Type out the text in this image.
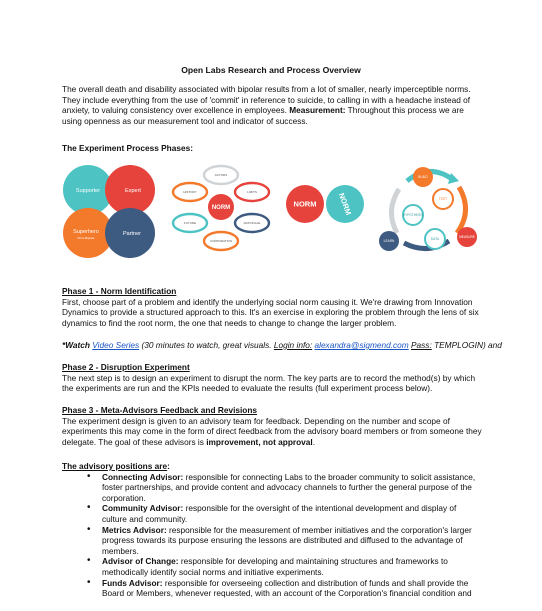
Open Labs Research and Process Overview

The overall death and disability associated with bipolar results from a lot of smaller, nearly imperceptible norms. They include everything from the use of 'commit' in reference to suicide, to calling in with a headache instead of anxiety, to valuing consistency over excellence in employees. Measurement: Throughout this process we are using openness as our measurement tool and indicator of success.

The Experiment Process Phases:
Supporter	Expert
Superhero
Khris Bipolar
Partner
NORM
ACTORS
HISTORY	LIMITS
FUTURE	RATIONALE
CORPORATION
NORM	NORM
BUILD
TEST
HYPOTHESIS
MEASURE
DATA
LEARN

Phase 1 - Norm Identification

First, choose part of a problem and identify the underlying social norm causing it. We're drawing from Innovation Dynamics to provide a structured approach to this. It's an exercise in exploring the problem through the lens of six dynamics to find the root norm, the one that needs to change to change the larger problem.

*Watch Video Series (30 minutes to watch, great visuals. Login info: alexandra@sigmend.com Pass: TEMPLOGIN) and

Phase 2 - Disruption Experiment

The next step is to design an experiment to disrupt the norm. The key parts are to record the method(s) by which the experiments are run and the KPIs needed to evaluate the results (full experiment process below).

Phase 3 - Meta-Advisors Feedback and Revisions

The experiment design is given to an advisory team for feedback. Depending on the number and scope of experiments this may come in the form of direct feedback from the advisory board members or from someone they delegate. The goal of these advisors is improvement, not approval.

The advisory positions are:

• Connecting Advisor: responsible for connecting Labs to the broader community to solicit assistance, foster partnerships, and provide content and advocacy channels to further the general purpose of the corporation.
• Community Advisor: responsible for the oversight of the intentional development and display of culture and community.
• Metrics Advisor: responsible for the measurement of member initiatives and the corporation's larger progress towards its purpose ensuring the lessons are distributed and diffused to the advantage of members.
• Advisor of Change: responsible for developing and maintaining structures and frameworks to methodically identify social norms and initiative experiments.
• Funds Advisor: responsible for overseeing collection and distribution of funds and shall provide the Board or Members, whenever requested, with an account of the Corporation's financial condition and
